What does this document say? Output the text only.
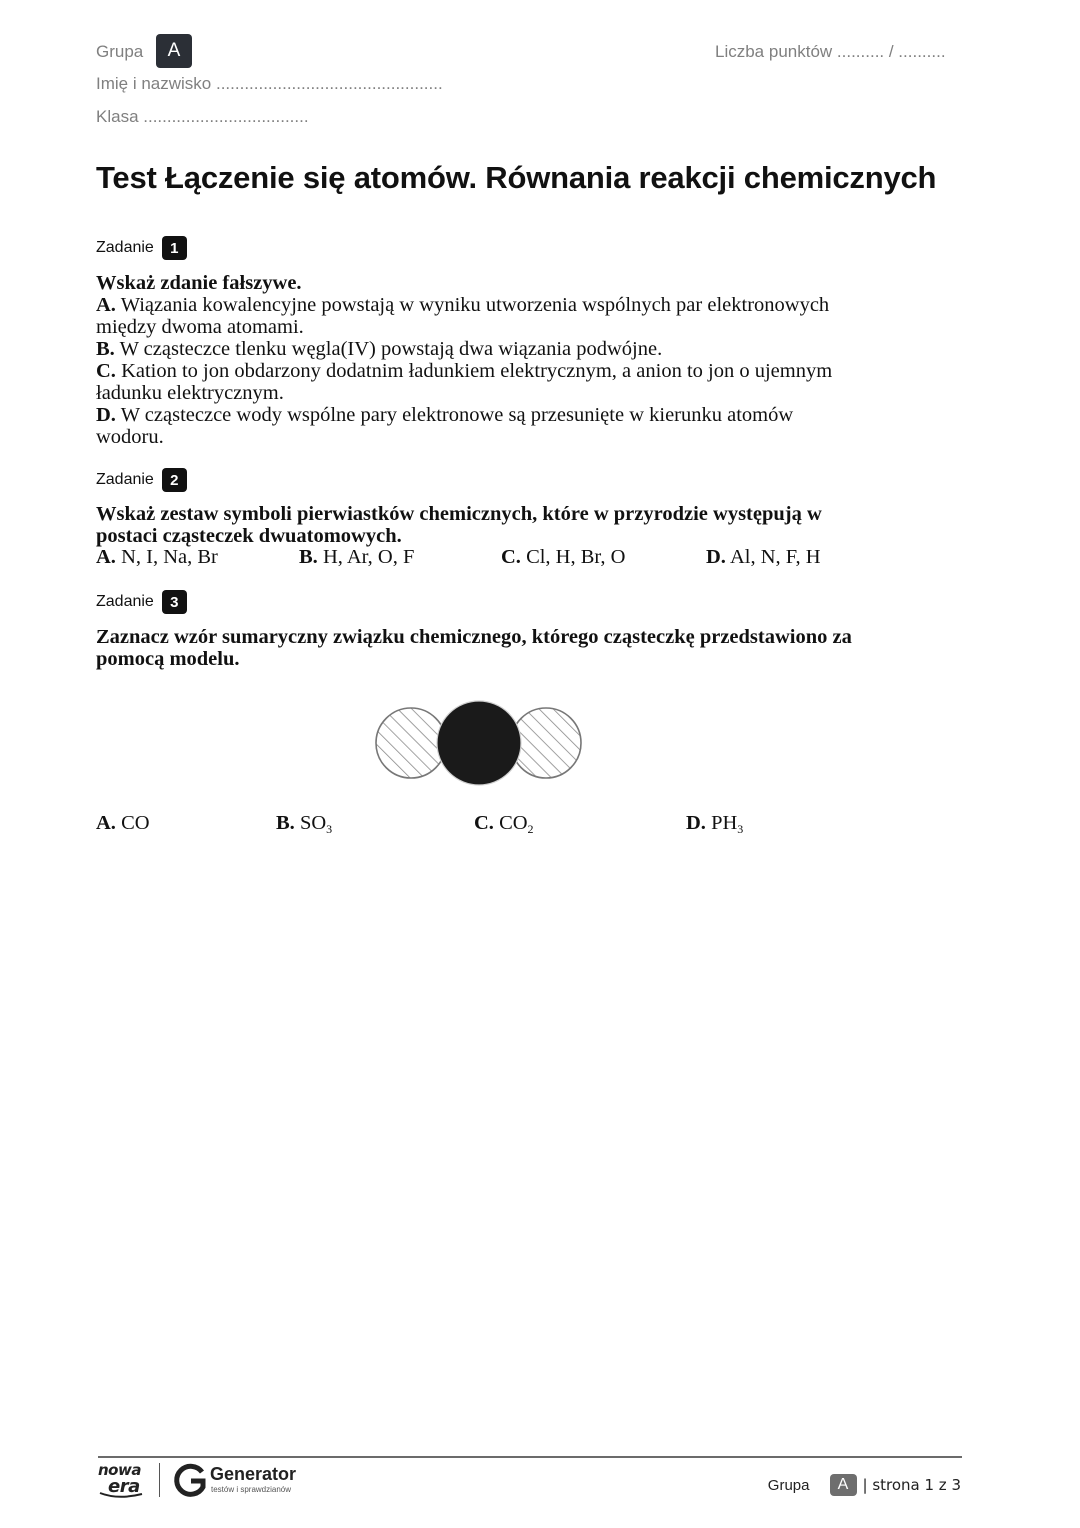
Grupa	A	Liczba punktów .......... / ..........
Imię i nazwisko ................................................
Klasa ...................................
Test Łączenie się atomów. Równania reakcji chemicznych
Zadanie	1
Wskaż zdanie fałszywe.
A. Wiązania kowalencyjne powstają w wyniku utworzenia wspólnych par elektronowych między dwoma atomami.
B. W cząsteczce tlenku węgla(IV) powstają dwa wiązania podwójne.
C. Kation to jon obdarzony dodatnim ładunkiem elektrycznym, a anion to jon o ujemnym ładunku elektrycznym.
D. W cząsteczce wody wspólne pary elektronowe są przesunięte w kierunku atomów wodoru.
Zadanie	2
Wskaż zestaw symboli pierwiastków chemicznych, które w przyrodzie występują w postaci cząsteczek dwuatomowych.
A. N, I, Na, Br	B. H, Ar, O, F	C. Cl, H, Br, O	D. Al, N, F, H
Zadanie	3
Zaznacz wzór sumaryczny związku chemicznego, którego cząsteczkę przedstawiono za pomocą modelu.
A. CO	B. $SO_3$	C. $CO_2$	D. $PH_3$
nowa
era
Generator
testów i sprawdzianów	Grupa	A | strona 1 z 3
